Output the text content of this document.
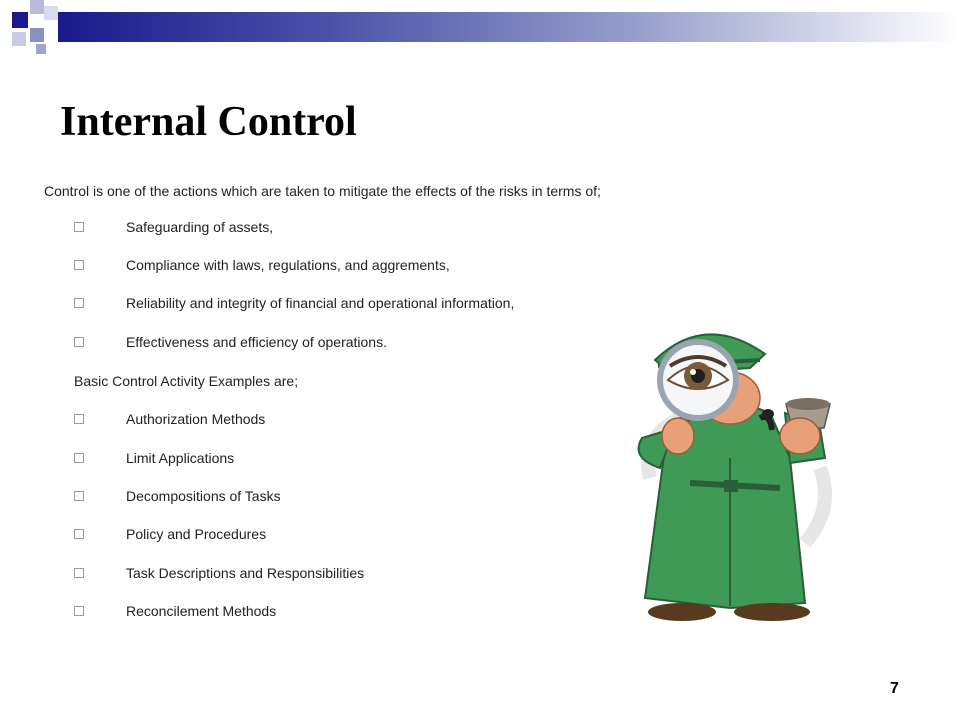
Internal Control
Control is one of the actions which are taken to mitigate the effects of the risks in terms of;
Safeguarding of assets,
Compliance with laws, regulations, and aggrements,
Reliability and integrity of financial and operational information,
Effectiveness and efficiency of operations.
Basic Control Activity Examples are;
Authorization Methods
Limit Applications
Decompositions of Tasks
Policy and Procedures
Task Descriptions and Responsibilities
Reconcilement Methods
7
